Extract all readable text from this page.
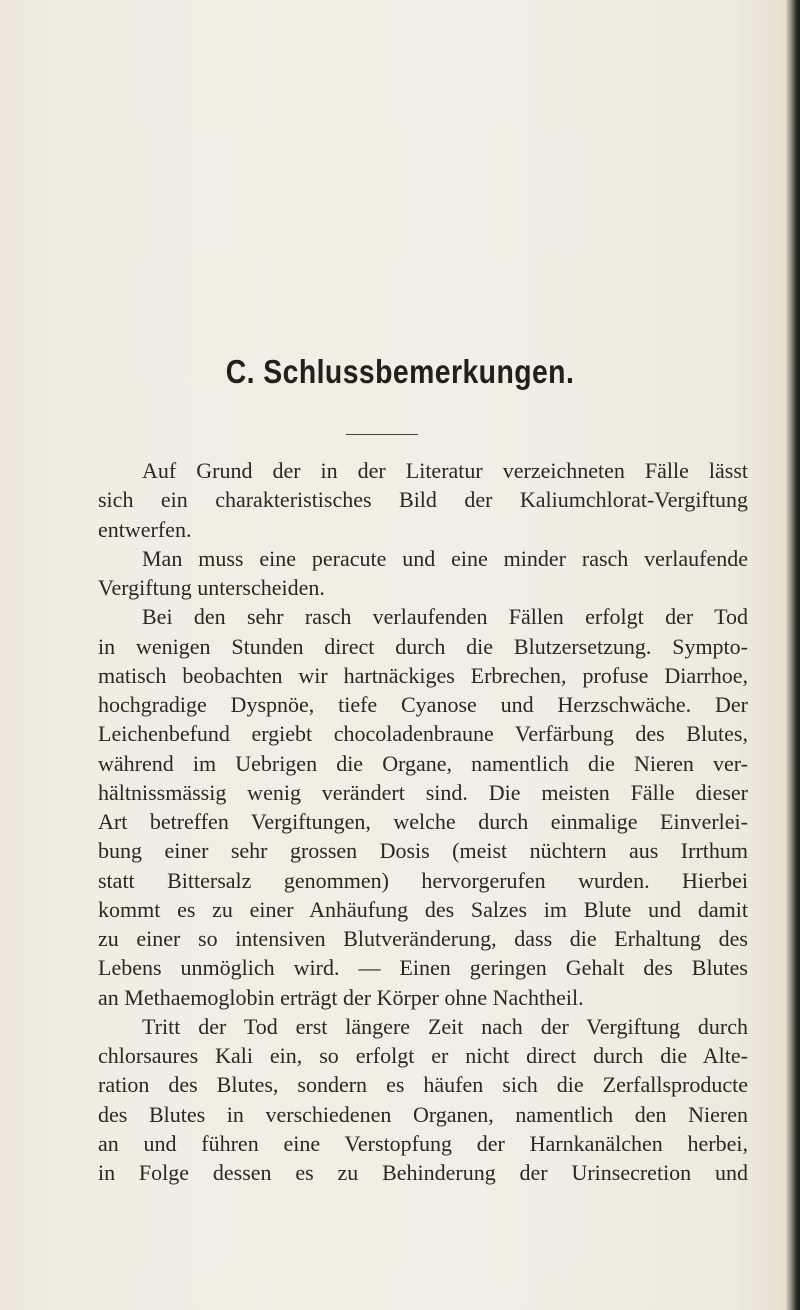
C. Schlussbemerkungen.
Auf Grund der in der Literatur verzeichneten Fälle lässt
sich ein charakteristisches Bild der Kaliumchlorat-Vergiftung
entwerfen.
Man muss eine peracute und eine minder rasch verlaufende
Vergiftung unterscheiden.
Bei den sehr rasch verlaufenden Fällen erfolgt der Tod
in wenigen Stunden direct durch die Blutzersetzung. Sympto-
matisch beobachten wir hartnäckiges Erbrechen, profuse Diarrhoe,
hochgradige Dyspnöe, tiefe Cyanose und Herzschwäche. Der
Leichenbefund ergiebt chocoladenbraune Verfärbung des Blutes,
während im Uebrigen die Organe, namentlich die Nieren ver-
hältnissmässig wenig verändert sind. Die meisten Fälle dieser
Art betreffen Vergiftungen, welche durch einmalige Einverlei-
bung einer sehr grossen Dosis (meist nüchtern aus Irrthum
statt Bittersalz genommen) hervorgerufen wurden. Hierbei
kommt es zu einer Anhäufung des Salzes im Blute und damit
zu einer so intensiven Blutveränderung, dass die Erhaltung des
Lebens unmöglich wird. — Einen geringen Gehalt des Blutes
an Methaemoglobin erträgt der Körper ohne Nachtheil.
Tritt der Tod erst längere Zeit nach der Vergiftung durch
chlorsaures Kali ein, so erfolgt er nicht direct durch die Alte-
ration des Blutes, sondern es häufen sich die Zerfallsproducte
des Blutes in verschiedenen Organen, namentlich den Nieren
an und führen eine Verstopfung der Harnkanälchen herbei,
in Folge dessen es zu Behinderung der Urinsecretion und
